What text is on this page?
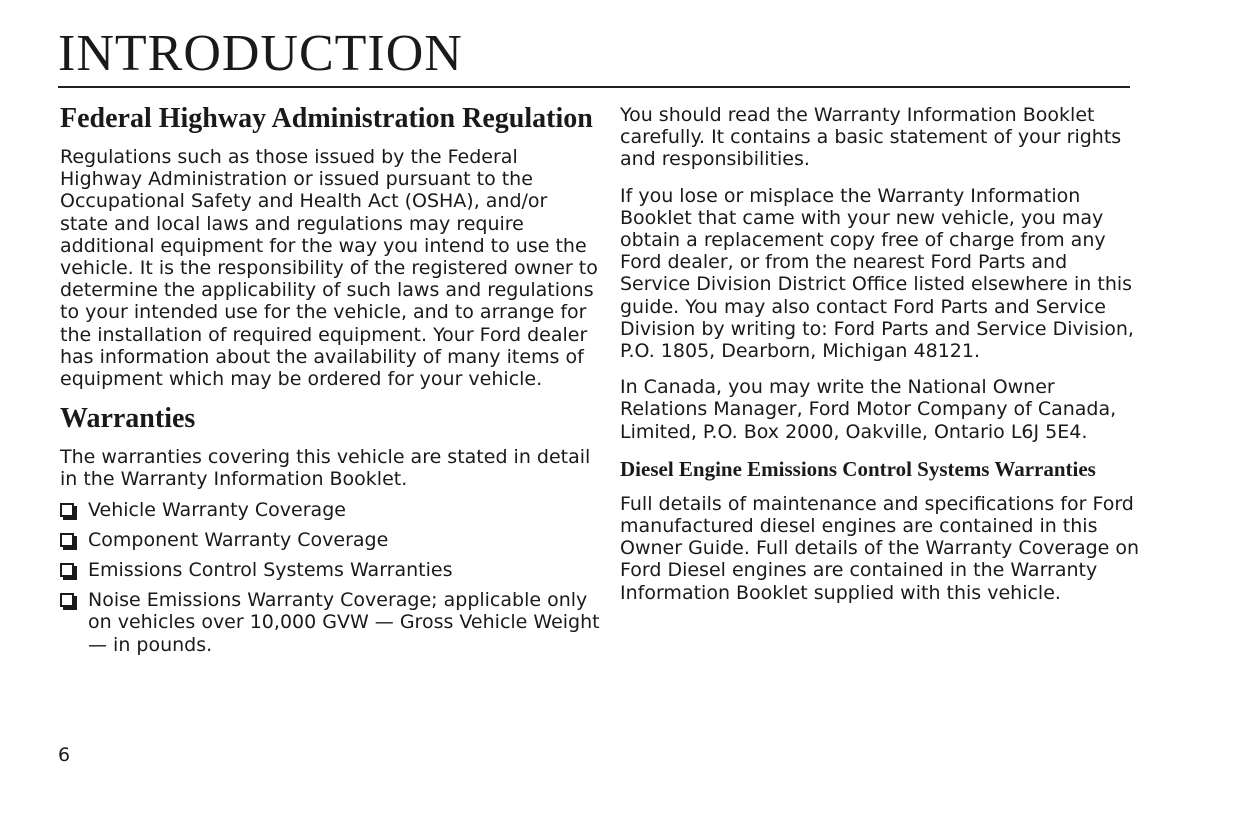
INTRODUCTION
Federal Highway Administration Regulation

Regulations such as those issued by the Federal Highway Administration or issued pursuant to the Occupational Safety and Health Act (OSHA), and/or state and local laws and regulations may require additional equipment for the way you intend to use the vehicle. It is the responsibility of the registered owner to determine the applicability of such laws and regulations to your intended use for the vehicle, and to arrange for the installation of required equipment. Your Ford dealer has information about the availability of many items of equipment which may be ordered for your vehicle.

Warranties

The warranties covering this vehicle are stated in detail in the Warranty Information Booklet.

Vehicle Warranty Coverage
Component Warranty Coverage
Emissions Control Systems Warranties
Noise Emissions Warranty Coverage; applicable only on vehicles over 10,000 GVW — Gross Vehicle Weight — in pounds.

You should read the Warranty Information Booklet carefully. It contains a basic statement of your rights and responsibilities.

If you lose or misplace the Warranty Information Booklet that came with your new vehicle, you may obtain a replacement copy free of charge from any Ford dealer, or from the nearest Ford Parts and Service Division District Office listed elsewhere in this guide. You may also contact Ford Parts and Service Division by writing to: Ford Parts and Service Division, P.O. 1805, Dearborn, Michigan 48121.

In Canada, you may write the National Owner Relations Manager, Ford Motor Company of Canada, Limited, P.O. Box 2000, Oakville, Ontario L6J 5E4.

Diesel Engine Emissions Control Systems Warranties

Full details of maintenance and specifications for Ford manufactured diesel engines are contained in this Owner Guide. Full details of the Warranty Coverage on Ford Diesel engines are contained in the Warranty Information Booklet supplied with this vehicle.

6
